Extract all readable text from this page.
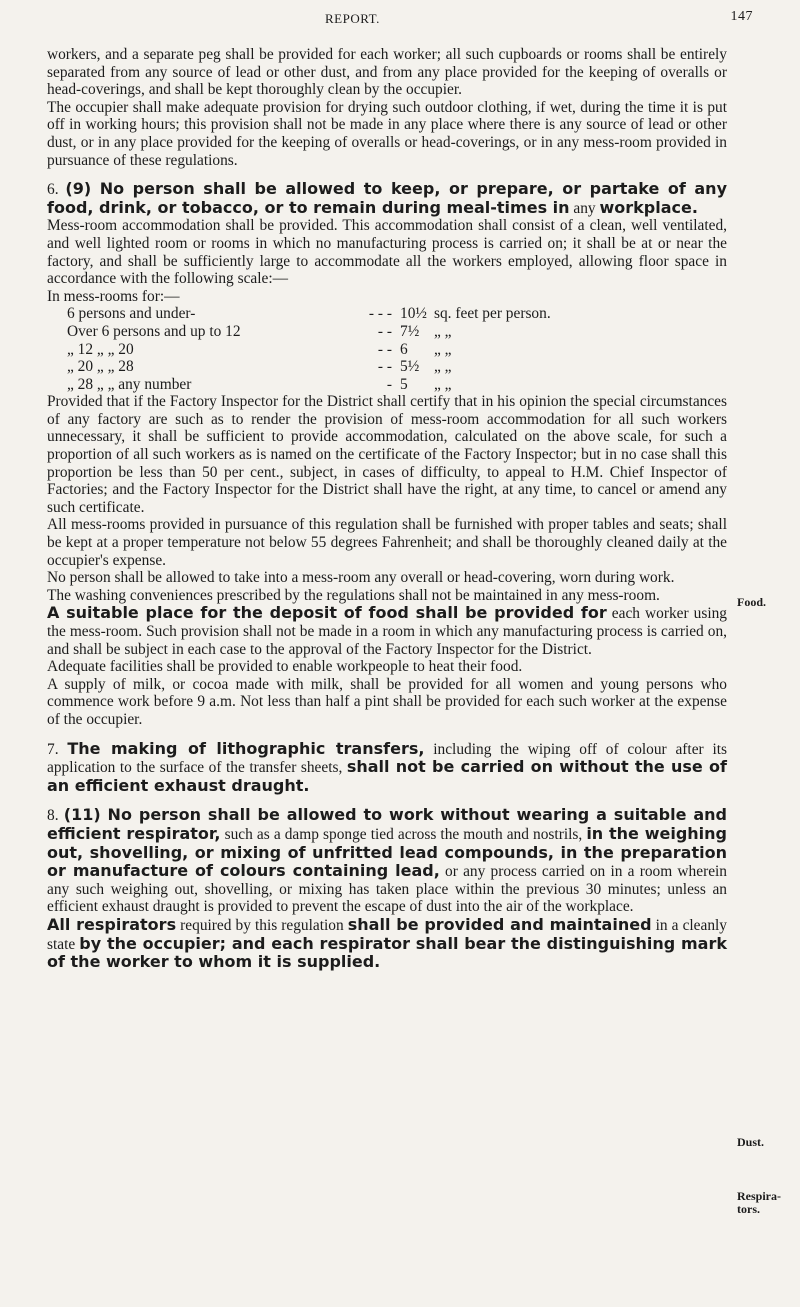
REPORT.	147
Food.
Dust.
Respira-
tors.

workers, and a separate peg shall be provided for each worker; all such cupboards or rooms shall be entirely separated from any source of lead or other dust, and from any place provided for the keeping of overalls or head-coverings, and shall be kept thoroughly clean by the occupier.

The occupier shall make adequate provision for drying such outdoor clothing, if wet, during the time it is put off in working hours; this provision shall not be made in any place where there is any source of lead or other dust, or in any place provided for the keeping of overalls or head-coverings, or in any mess-room provided in pursuance of these regulations.

6. (9) No person shall be allowed to keep, or prepare, or partake of any food, drink, or tobacco, or to remain during meal-times in any workplace.

Mess-room accommodation shall be provided. This accommodation shall consist of a clean, well ventilated, and well lighted room or rooms in which no manufacturing process is carried on; it shall be at or near the factory, and shall be sufficiently large to accommodate all the workers employed, allowing floor space in accordance with the following scale:—

In mess-rooms for:—

6 persons and under-	- - -	10½	sq. feet per person.
Over 6 persons and up to 12	- -	7½	„ „
„ 12 „ „ 20	- -	6	„ „
„ 20 „ „ 28	- -	5½	„ „
„ 28 „ „ any number	-	5	„ „

Provided that if the Factory Inspector for the District shall certify that in his opinion the special circumstances of any factory are such as to render the provision of mess-room accommodation for all such workers unnecessary, it shall be sufficient to provide accommodation, calculated on the above scale, for such a proportion of all such workers as is named on the certificate of the Factory Inspector; but in no case shall this proportion be less than 50 per cent., subject, in cases of difficulty, to appeal to H.M. Chief Inspector of Factories; and the Factory Inspector for the District shall have the right, at any time, to cancel or amend any such certificate.

All mess-rooms provided in pursuance of this regulation shall be furnished with proper tables and seats; shall be kept at a proper temperature not below 55 degrees Fahrenheit; and shall be thoroughly cleaned daily at the occupier's expense.

No person shall be allowed to take into a mess-room any overall or head-covering, worn during work.

The washing conveniences prescribed by the regulations shall not be maintained in any mess-room.

A suitable place for the deposit of food shall be provided for each worker using the mess-room. Such provision shall not be made in a room in which any manufacturing process is carried on, and shall be subject in each case to the approval of the Factory Inspector for the District.

Adequate facilities shall be provided to enable workpeople to heat their food.

A supply of milk, or cocoa made with milk, shall be provided for all women and young persons who commence work before 9 a.m. Not less than half a pint shall be provided for each such worker at the expense of the occupier.

7. The making of lithographic transfers, including the wiping off of colour after its application to the surface of the transfer sheets, shall not be carried on without the use of an efficient exhaust draught.

8. (11) No person shall be allowed to work without wearing a suitable and efficient respirator, such as a damp sponge tied across the mouth and nostrils, in the weighing out, shovelling, or mixing of unfritted lead compounds, in the preparation or manufacture of colours containing lead, or any process carried on in a room wherein any such weighing out, shovelling, or mixing has taken place within the previous 30 minutes; unless an efficient exhaust draught is provided to prevent the escape of dust into the air of the workplace.

All respirators required by this regulation shall be provided and maintained in a cleanly state by the occupier; and each respirator shall bear the distinguishing mark of the worker to whom it is supplied.
